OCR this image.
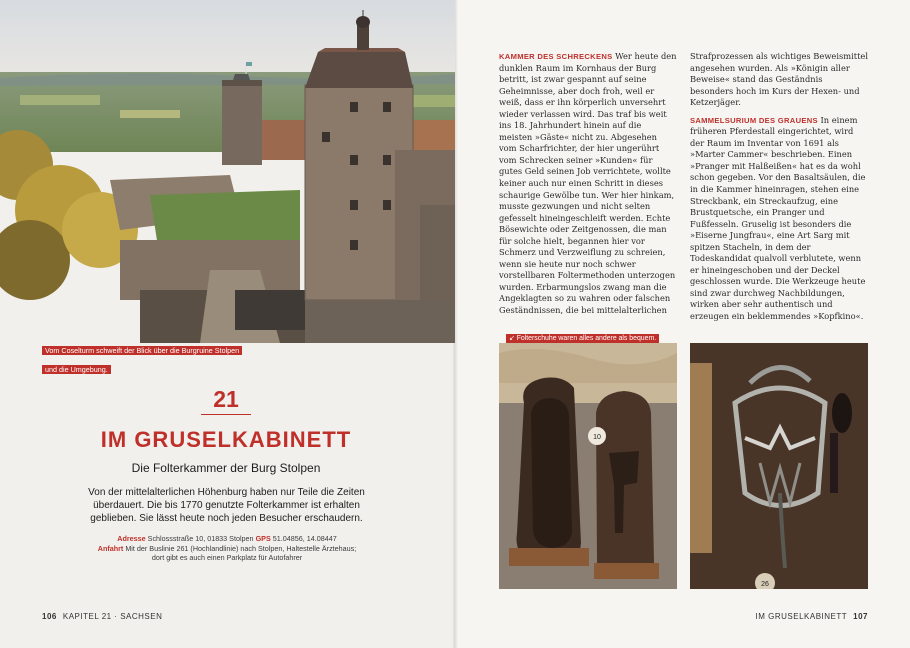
Vom Coselturm schweift der Blick über die Burgruine Stolpen
und die Umgebung.
21
IM GRUSELKABINETT
Die Folterkammer der Burg Stolpen
Von der mittelalterlichen Höhenburg haben nur Teile die Zeiten überdauert. Die bis 1770 genutzte Folterkammer ist erhalten geblieben. Sie lässt heute noch jeden Besucher erschaudern.
Adresse Schlossstraße 10, 01833 Stolpen GPS 51.04856, 14.08447
Anfahrt Mit der Buslinie 261 (Hochlandlinie) nach Stolpen, Haltestelle Ärztehaus;
dort gibt es auch einen Parkplatz für Autofahrer
106 KAPITEL 21 · SACHSEN	IM GRUSELKABINETT 107

KAMMER DES SCHRECKENS Wer heute den dunklen Raum im Kornhaus der Burg betritt, ist zwar gespannt auf seine Geheimnisse, aber doch froh, weil er weiß, dass er ihn körperlich unversehrt wieder verlassen wird. Das traf bis weit ins 18. Jahrhundert hinein auf die meisten »Gäste« nicht zu. Abgesehen vom Scharfrichter, der hier ungerührt vom Schrecken seiner »Kunden« für gutes Geld seinen Job verrichtete, wollte keiner auch nur einen Schritt in dieses schaurige Gewölbe tun. Wer hier hinkam, musste gezwungen und nicht selten gefesselt hineingeschleift werden. Echte Bösewichte oder Zeitgenossen, die man für solche hielt, begannen hier vor Schmerz und Verzweiflung zu schreien, wenn sie heute nur noch schwer vorstellbaren Foltermethoden unterzogen wurden. Erbarmungslos zwang man die Angeklagten so zu wahren oder falschen Geständnissen, die bei mittelalterlichen

Strafprozessen als wichtiges Beweismittel angesehen wurden. Als »Königin aller Beweise« stand das Geständnis besonders hoch im Kurs der Hexen- und Ketzerjäger.

SAMMELSURIUM DES GRAUENS In einem früheren Pferdestall eingerichtet, wird der Raum im Inventar von 1691 als »Marter Cammer« beschrieben. Einen »Pranger mit Halßeißen« hat es da wohl schon gegeben. Vor den Basaltsäulen, die in die Kammer hineinragen, stehen eine Streckbank, ein Streckaufzug, eine Brustquetsche, ein Pranger und Fußfesseln. Gruselig ist besonders die »Eiserne Jungfrau«, eine Art Sarg mit spitzen Stacheln, in dem der Todeskandidat qualvoll verblutete, wenn er hineingeschoben und der Deckel geschlossen wurde. Die Werkzeuge heute sind zwar durchweg Nachbildungen, wirken aber sehr authentisch und erzeugen ein beklemmendes »Kopfkino«.

↙ Folterschuhe waren alles andere als bequem.

10
26
